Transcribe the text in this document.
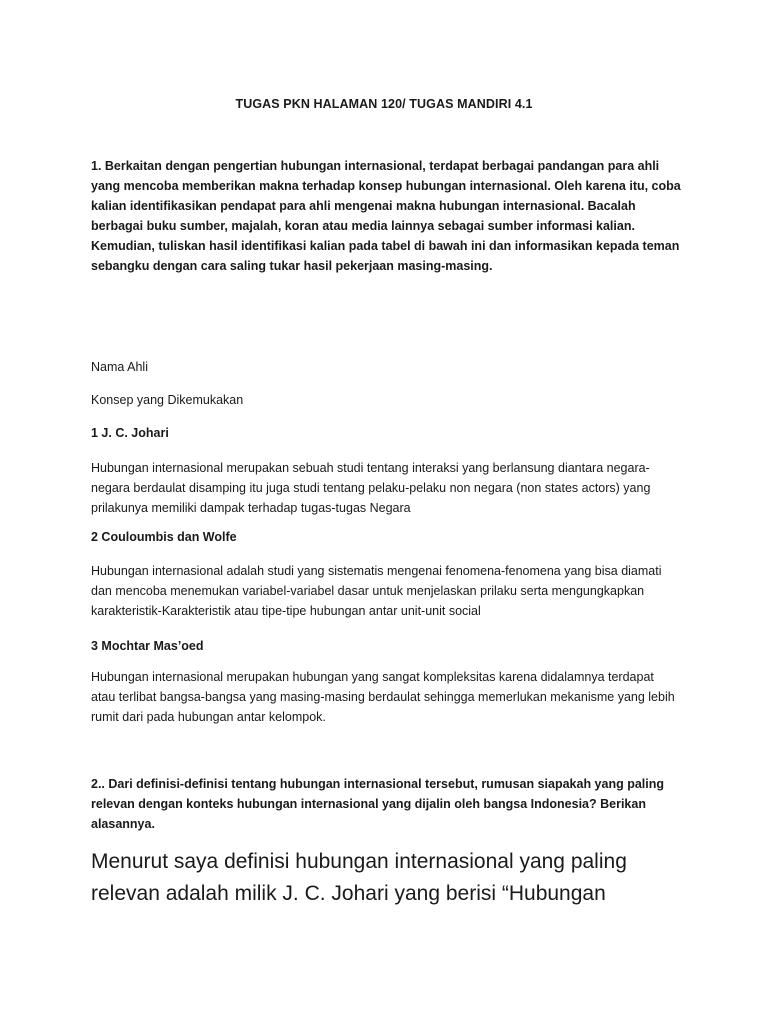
TUGAS PKN HALAMAN 120/ TUGAS MANDIRI 4.1
1. Berkaitan dengan pengertian hubungan internasional, terdapat berbagai pandangan para ahli yang mencoba memberikan makna terhadap konsep hubungan internasional. Oleh karena itu, coba kalian identifikasikan pendapat para ahli mengenai makna hubungan internasional. Bacalah berbagai buku sumber, majalah, koran atau media lainnya sebagai sumber informasi kalian. Kemudian, tuliskan hasil identifikasi kalian pada tabel di bawah ini dan informasikan kepada teman sebangku dengan cara saling tukar hasil pekerjaan masing-masing.
Nama Ahli
Konsep yang Dikemukakan
1 J. C. Johari
Hubungan internasional merupakan sebuah studi tentang interaksi yang berlansung diantara negara-negara berdaulat disamping itu juga studi tentang pelaku-pelaku non negara (non states actors) yang prilakunya memiliki dampak terhadap tugas-tugas Negara
2 Couloumbis dan Wolfe
Hubungan internasional adalah studi yang sistematis mengenai fenomena-fenomena yang bisa diamati dan mencoba menemukan variabel-variabel dasar untuk menjelaskan prilaku serta mengungkapkan karakteristik-Karakteristik atau tipe-tipe hubungan antar unit-unit social
3 Mochtar Mas’oed
Hubungan internasional merupakan hubungan yang sangat kompleksitas karena didalamnya terdapat atau terlibat bangsa-bangsa yang masing-masing berdaulat sehingga memerlukan mekanisme yang lebih rumit dari pada hubungan antar kelompok.
2.. Dari definisi-definisi tentang hubungan internasional tersebut, rumusan siapakah yang paling relevan dengan konteks hubungan internasional yang dijalin oleh bangsa Indonesia? Berikan alasannya.
Menurut saya definisi hubungan internasional yang paling relevan adalah milik J. C. Johari yang berisi “Hubungan
